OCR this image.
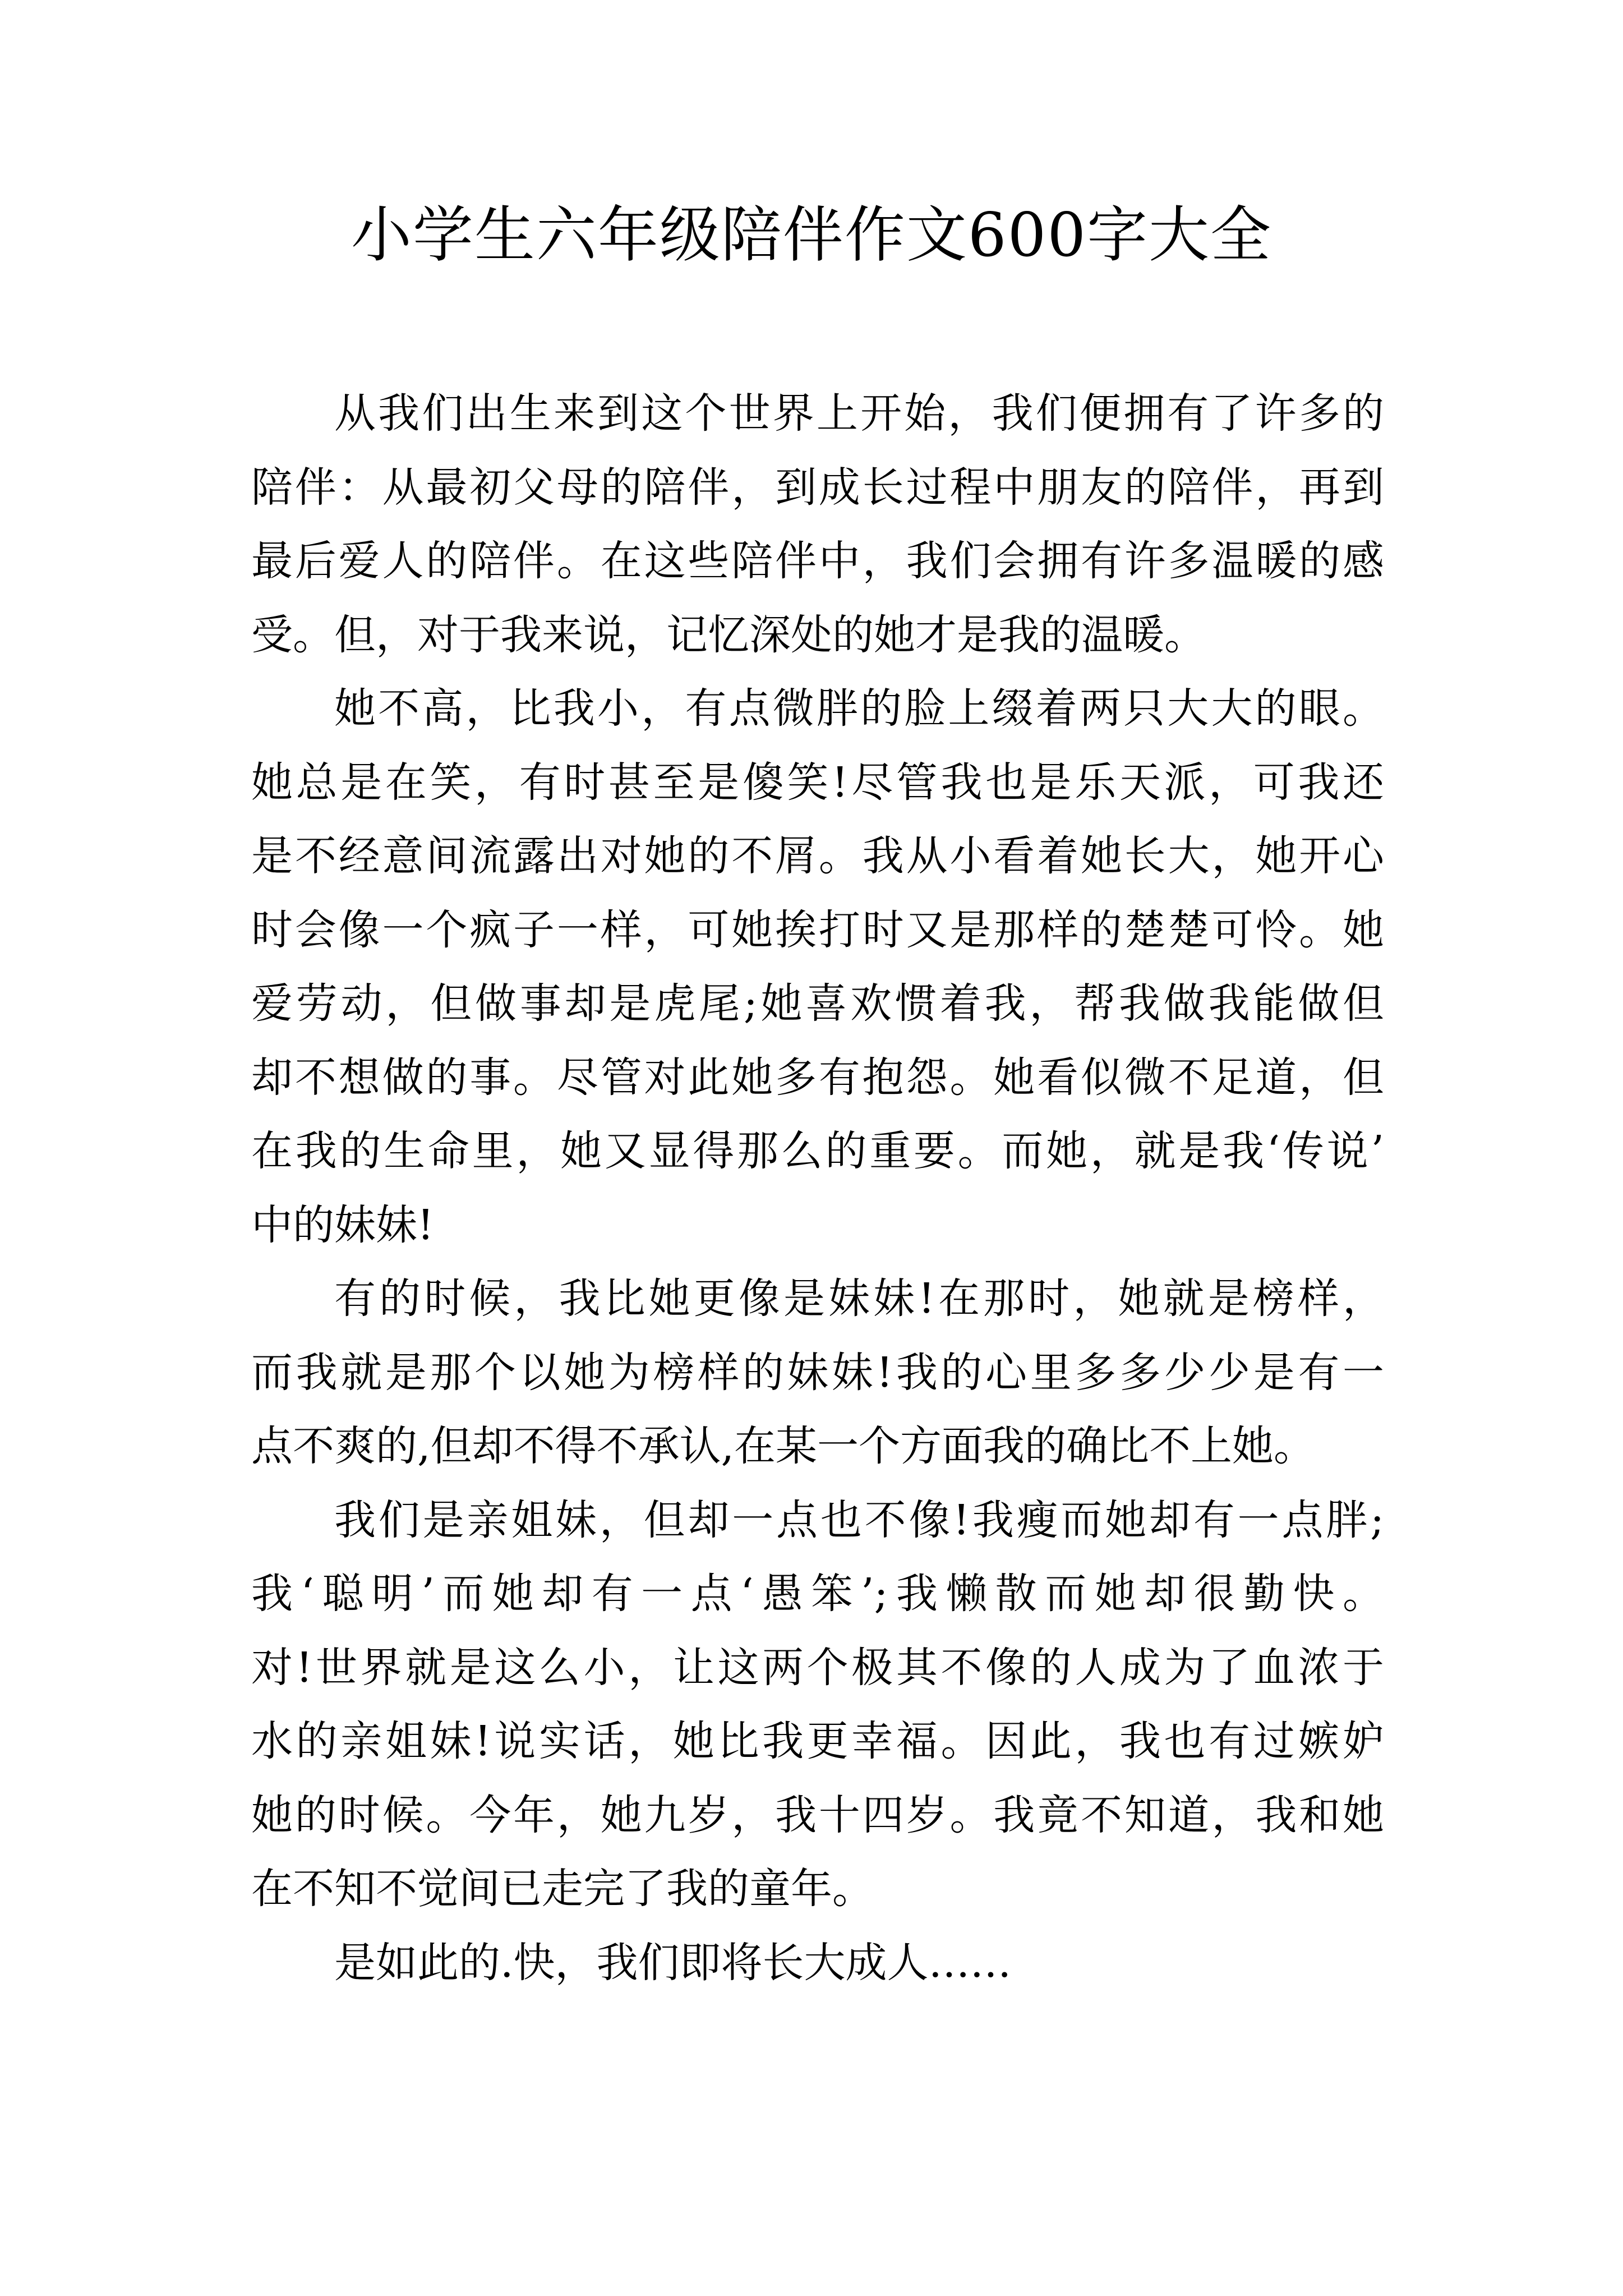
小学生六年级陪伴作文600字大全
从我们出生来到这个世界上开始，我们便拥有了许多的
陪伴：从最初父母的陪伴，到成长过程中朋友的陪伴，再到
最后爱人的陪伴。在这些陪伴中，我们会拥有许多温暖的感
受。但，对于我来说，记忆深处的她才是我的温暖。
她不高，比我小，有点微胖的脸上缀着两只大大的眼。
她总是在笑，有时甚至是傻笑!尽管我也是乐天派，可我还
是不经意间流露出对她的不屑。我从小看着她长大，她开心
时会像一个疯子一样，可她挨打时又是那样的楚楚可怜。她
爱劳动，但做事却是虎尾;她喜欢惯着我，帮我做我能做但
却不想做的事。尽管对此她多有抱怨。她看似微不足道，但
在我的生命里，她又显得那么的重要。而她，就是我‘传说’
中的妹妹!
有的时候，我比她更像是妹妹!在那时，她就是榜样，
而我就是那个以她为榜样的妹妹!我的心里多多少少是有一
点不爽的,但却不得不承认,在某一个方面我的确比不上她。
我们是亲姐妹，但却一点也不像!我瘦而她却有一点胖;
我‘聪明’而她却有一点‘愚笨’;我懒散而她却很勤快。
对!世界就是这么小，让这两个极其不像的人成为了血浓于
水的亲姐妹!说实话，她比我更幸福。因此，我也有过嫉妒
她的时候。今年，她九岁，我十四岁。我竟不知道，我和她
在不知不觉间已走完了我的童年。
是如此的.快，我们即将长大成人……
